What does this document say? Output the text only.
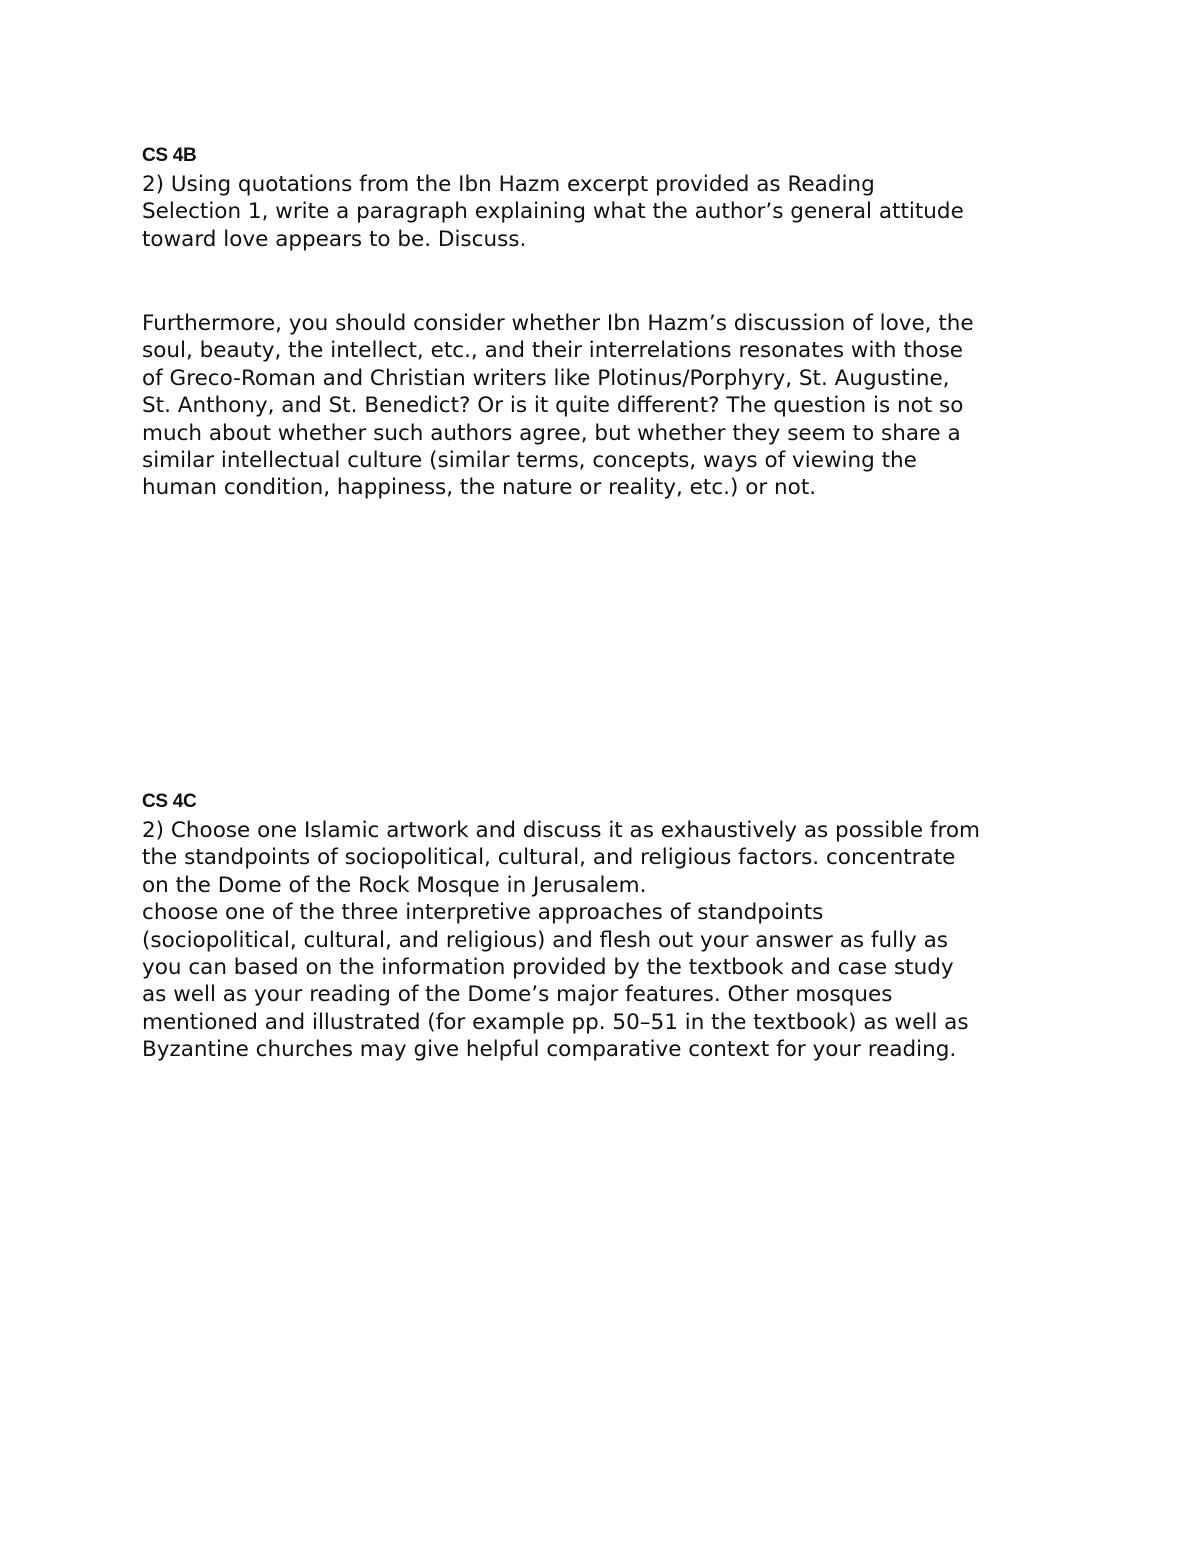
CS 4B

2) Using quotations from the Ibn Hazm excerpt provided as Reading
Selection 1, write a paragraph explaining what the author’s general attitude
toward love appears to be. Discuss.

Furthermore, you should consider whether Ibn Hazm’s discussion of love, the
soul, beauty, the intellect, etc., and their interrelations resonates with those
of Greco-Roman and Christian writers like Plotinus/Porphyry, St. Augustine,
St. Anthony, and St. Benedict? Or is it quite different? The question is not so
much about whether such authors agree, but whether they seem to share a
similar intellectual culture (similar terms, concepts, ways of viewing the
human condition, happiness, the nature or reality, etc.) or not.

CS 4C

2) Choose one Islamic artwork and discuss it as exhaustively as possible from
the standpoints of sociopolitical, cultural, and religious factors. concentrate
on the Dome of the Rock Mosque in Jerusalem.

choose one of the three interpretive approaches of standpoints
(sociopolitical, cultural, and religious) and flesh out your answer as fully as
you can based on the information provided by the textbook and case study
as well as your reading of the Dome’s major features. Other mosques
mentioned and illustrated (for example pp. 50–51 in the textbook) as well as
Byzantine churches may give helpful comparative context for your reading.
